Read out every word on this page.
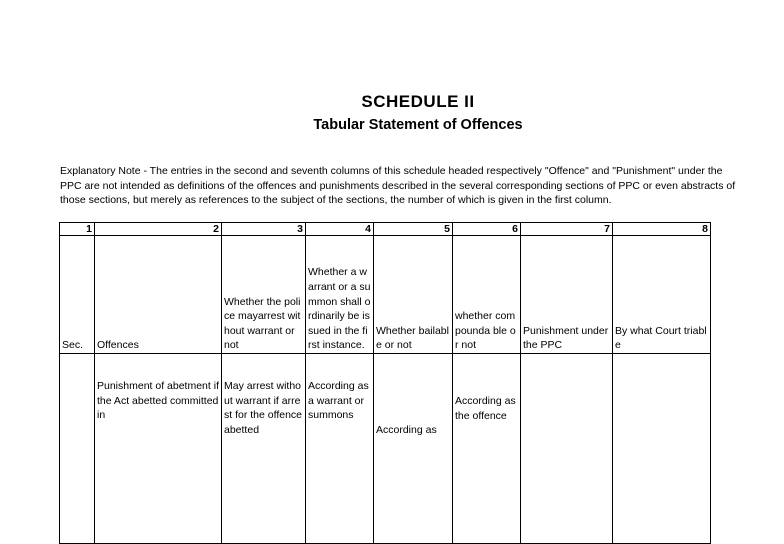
SCHEDULE II
Tabular Statement of Offences
Explanatory Note - The entries in the second and seventh columns of this schedule headed respectively "Offence" and "Punishment" under the PPC are not intended as definitions of the offences and punishments described in the several corresponding sections of PPC or even abstracts of those sections, but merely as references to the subject of the sections, the number of which is given in the first column.
1	2	3	4	5	6	7	8
Sec.	Offences	Whether the police mayarrest without warrant or not	Whether a warrant or a summon shall ordinarily be issued in the first instance.	Whether bailable or not	whether compounda ble or not	Punishment under the PPC	By what Court triable
	Punishment of abetment if the Act abetted committed in	May arrest without warrant if arrest for the offence abetted	According as a warrant or summons	According as	According as the offence		
